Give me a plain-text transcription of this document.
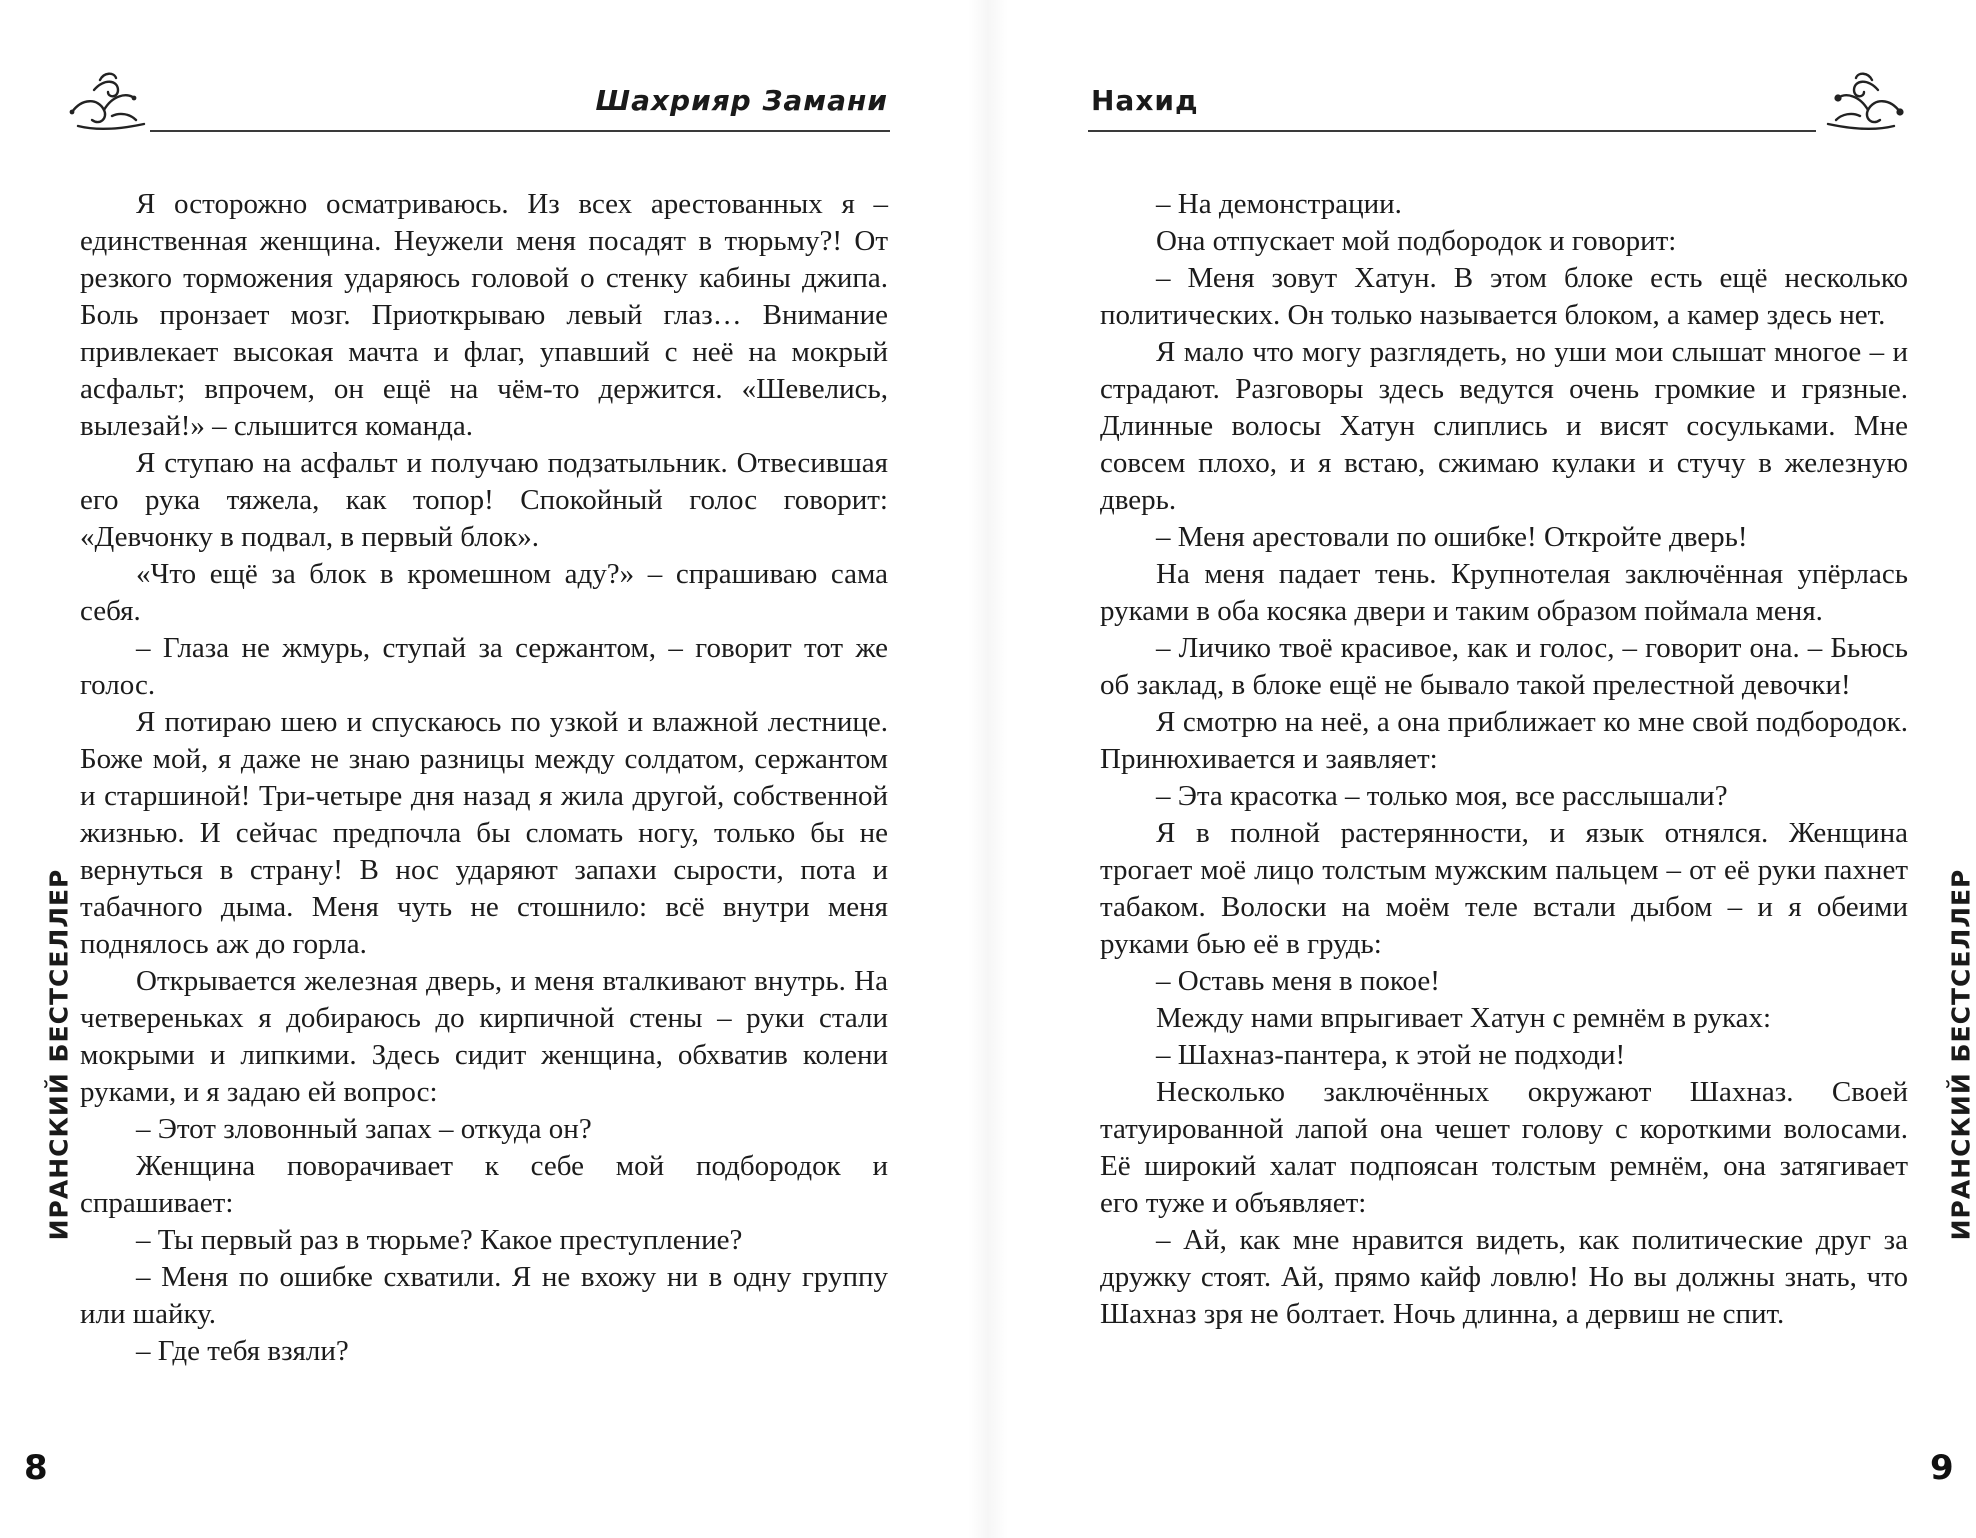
Шахрияр Замани

Я осторожно осматриваюсь. Из всех арестованных я – единственная женщина. Неужели меня посадят в тюрьму?! От резкого торможения ударяюсь головой о стенку кабины джипа. Боль пронзает мозг. Приоткрываю левый глаз… Внимание привлекает высокая мачта и флаг, упавший с неё на мокрый асфальт; впрочем, он ещё на чём-то держится. «Шевелись, вылезай!» – слышится команда.

Я ступаю на асфальт и получаю подзатыльник. Отвесившая его рука тяжела, как топор! Спокойный голос говорит: «Девчонку в подвал, в первый блок».

«Что ещё за блок в кромешном аду?» – спрашиваю сама себя.

– Глаза не жмурь, ступай за сержантом, – говорит тот же голос.

Я потираю шею и спускаюсь по узкой и влажной лестнице. Боже мой, я даже не знаю разницы между солдатом, сержантом и старшиной! Три-четыре дня назад я жила другой, собственной жизнью. И сейчас предпочла бы сломать ногу, только бы не вернуться в страну! В нос ударяют запахи сырости, пота и табачного дыма. Меня чуть не стошнило: всё внутри меня поднялось аж до горла.

Открывается железная дверь, и меня вталкивают внутрь. На четвереньках я добираюсь до кирпичной стены – руки стали мокрыми и липкими. Здесь сидит женщина, обхватив колени руками, и я задаю ей вопрос:

– Этот зловонный запах – откуда он?

Женщина поворачивает к себе мой подбородок и спрашивает:

– Ты первый раз в тюрьме? Какое преступление?

– Меня по ошибке схватили. Я не вхожу ни в одну группу или шайку.

– Где тебя взяли?

ИРАНСКИЙ БЕСТСЕЛЛЕР
8
Нахид

– На демонстрации.

Она отпускает мой подбородок и говорит:

– Меня зовут Хатун. В этом блоке есть ещё несколько политических. Он только называется блоком, а камер здесь нет.

Я мало что могу разглядеть, но уши мои слышат многое – и страдают. Разговоры здесь ведутся очень громкие и грязные. Длинные волосы Хатун слиплись и висят сосульками. Мне совсем плохо, и я встаю, сжимаю кулаки и стучу в железную дверь.

– Меня арестовали по ошибке! Откройте дверь!

На меня падает тень. Крупнотелая заключённая упёрлась руками в оба косяка двери и таким образом поймала меня.

– Личико твоё красивое, как и голос, – говорит она. – Бьюсь об заклад, в блоке ещё не бывало такой прелестной девочки!

Я смотрю на неё, а она приближает ко мне свой подбородок. Принюхивается и заявляет:

– Эта красотка – только моя, все расслышали?

Я в полной растерянности, и язык отнялся. Женщина трогает моё лицо толстым мужским пальцем – от её руки пахнет табаком. Волоски на моём теле встали дыбом – и я обеими руками бью её в грудь:

– Оставь меня в покое!

Между нами впрыгивает Хатун с ремнём в руках:

– Шахназ-пантера, к этой не подходи!

Несколько заключённых окружают Шахназ. Своей татуированной лапой она чешет голову с короткими волосами. Её широкий халат подпоясан толстым ремнём, она затягивает его туже и объявляет:

– Ай, как мне нравится видеть, как политические друг за дружку стоят. Ай, прямо кайф ловлю! Но вы должны знать, что Шахназ зря не болтает. Ночь длинна, а дервиш не спит.

ИРАНСКИЙ БЕСТСЕЛЛЕР
9
